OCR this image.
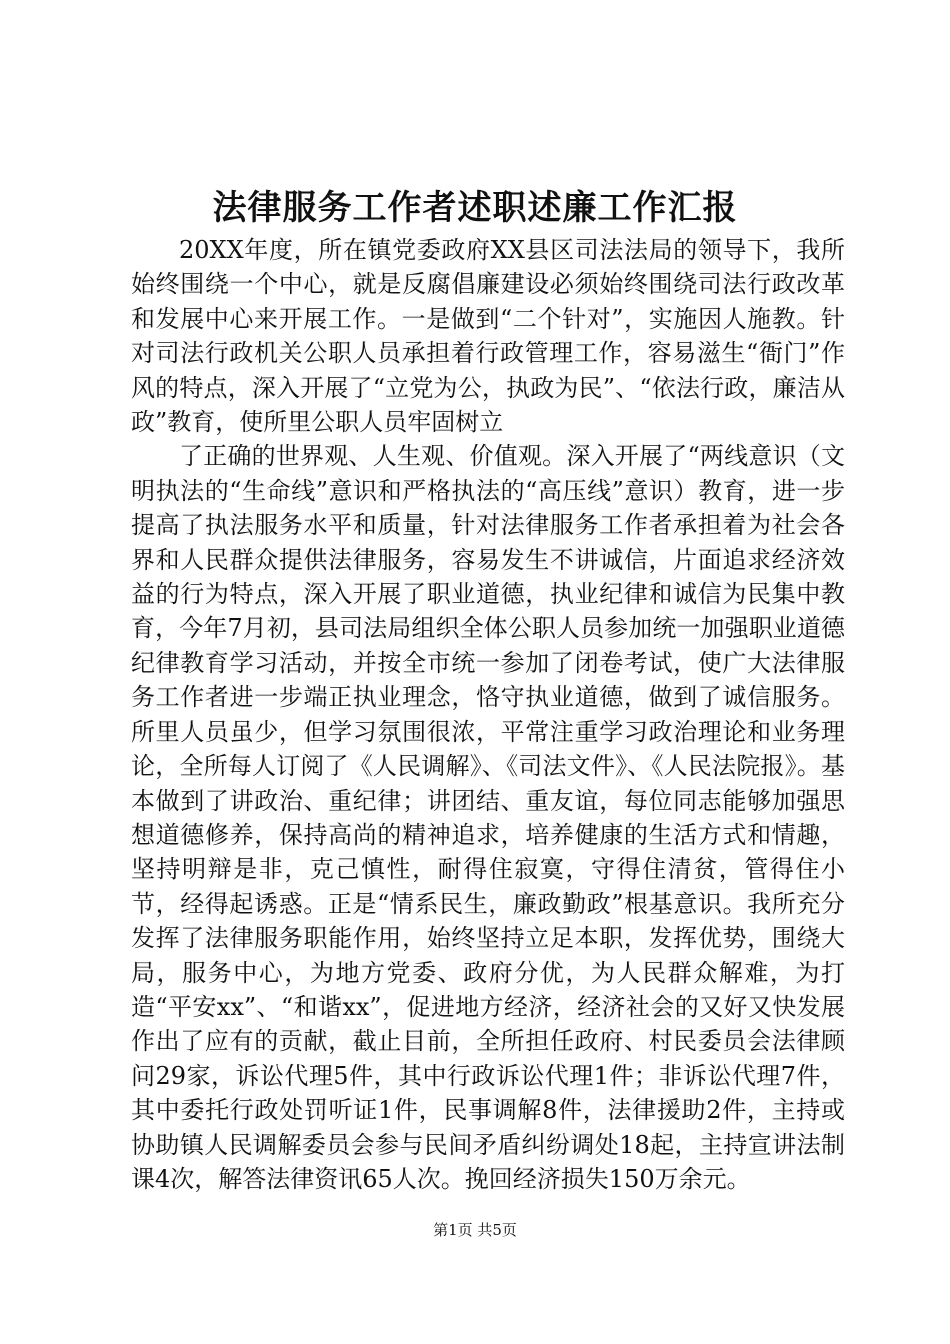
法律服务工作者述职述廉工作汇报

20XX年度，所在镇党委政府XX县区司法法局的领导下，我所始终围绕一个中心，就是反腐倡廉建设必须始终围绕司法行政改革和发展中心来开展工作。一是做到“二个针对”，实施因人施教。针对司法行政机关公职人员承担着行政管理工作，容易滋生“衙门”作风的特点，深入开展了“立党为公，执政为民”、“依法行政，廉洁从政”教育，使所里公职人员牢固树立

了正确的世界观、人生观、价值观。深入开展了“两线意识（文明执法的“生命线”意识和严格执法的“高压线”意识）教育，进一步提高了执法服务水平和质量，针对法律服务工作者承担着为社会各界和人民群众提供法律服务，容易发生不讲诚信，片面追求经济效益的行为特点，深入开展了职业道德，执业纪律和诚信为民集中教育，今年7月初，县司法局组织全体公职人员参加统一加强职业道德纪律教育学习活动，并按全市统一参加了闭卷考试，使广大法律服务工作者进一步端正执业理念，恪守执业道德，做到了诚信服务。所里人员虽少，但学习氛围很浓，平常注重学习政治理论和业务理论，全所每人订阅了《人民调解》、《司法文件》、《人民法院报》。基本做到了讲政治、重纪律；讲团结、重友谊，每位同志能够加强思想道德修养，保持高尚的精神追求，培养健康的生活方式和情趣，坚持明辩是非，克己慎性，耐得住寂寞，守得住清贫，管得住小节，经得起诱惑。正是“情系民生，廉政勤政”根基意识。我所充分发挥了法律服务职能作用，始终坚持立足本职，发挥优势，围绕大局，服务中心，为地方党委、政府分优，为人民群众解难，为打造“平安xx”、“和谐xx”，促进地方经济，经济社会的又好又快发展作出了应有的贡献，截止目前，全所担任政府、村民委员会法律顾问29家，诉讼代理5件，其中行政诉讼代理1件；非诉讼代理7件，其中委托行政处罚听证1件，民事调解8件，法律援助2件，主持或协助镇人民调解委员会参与民间矛盾纠纷调处18起，主持宣讲法制课4次，解答法律资讯65人次。挽回经济损失150万余元。

第1页 共5页
